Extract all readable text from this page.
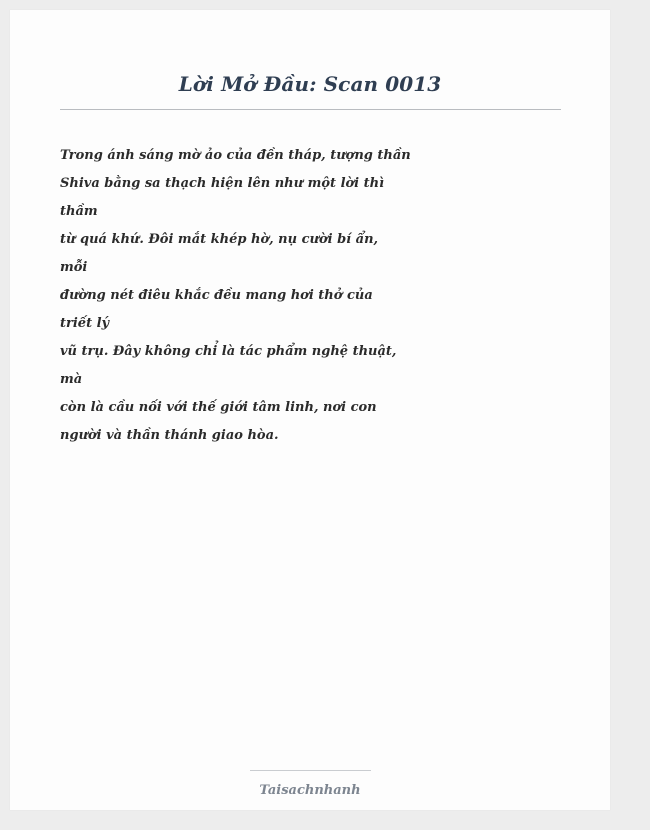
Lời Mở Đầu: Scan 0013
Trong ánh sáng mờ ảo của đền tháp, tượng thần
Shiva bằng sa thạch hiện lên như một lời thì
thầm
từ quá khứ. Đôi mắt khép hờ, nụ cười bí ẩn,
mỗi
đường nét điêu khắc đều mang hơi thở của
triết lý
vũ trụ. Đây không chỉ là tác phẩm nghệ thuật,
mà
còn là cầu nối với thế giới tâm linh, nơi con
người và thần thánh giao hòa.
Taisachnhanh
